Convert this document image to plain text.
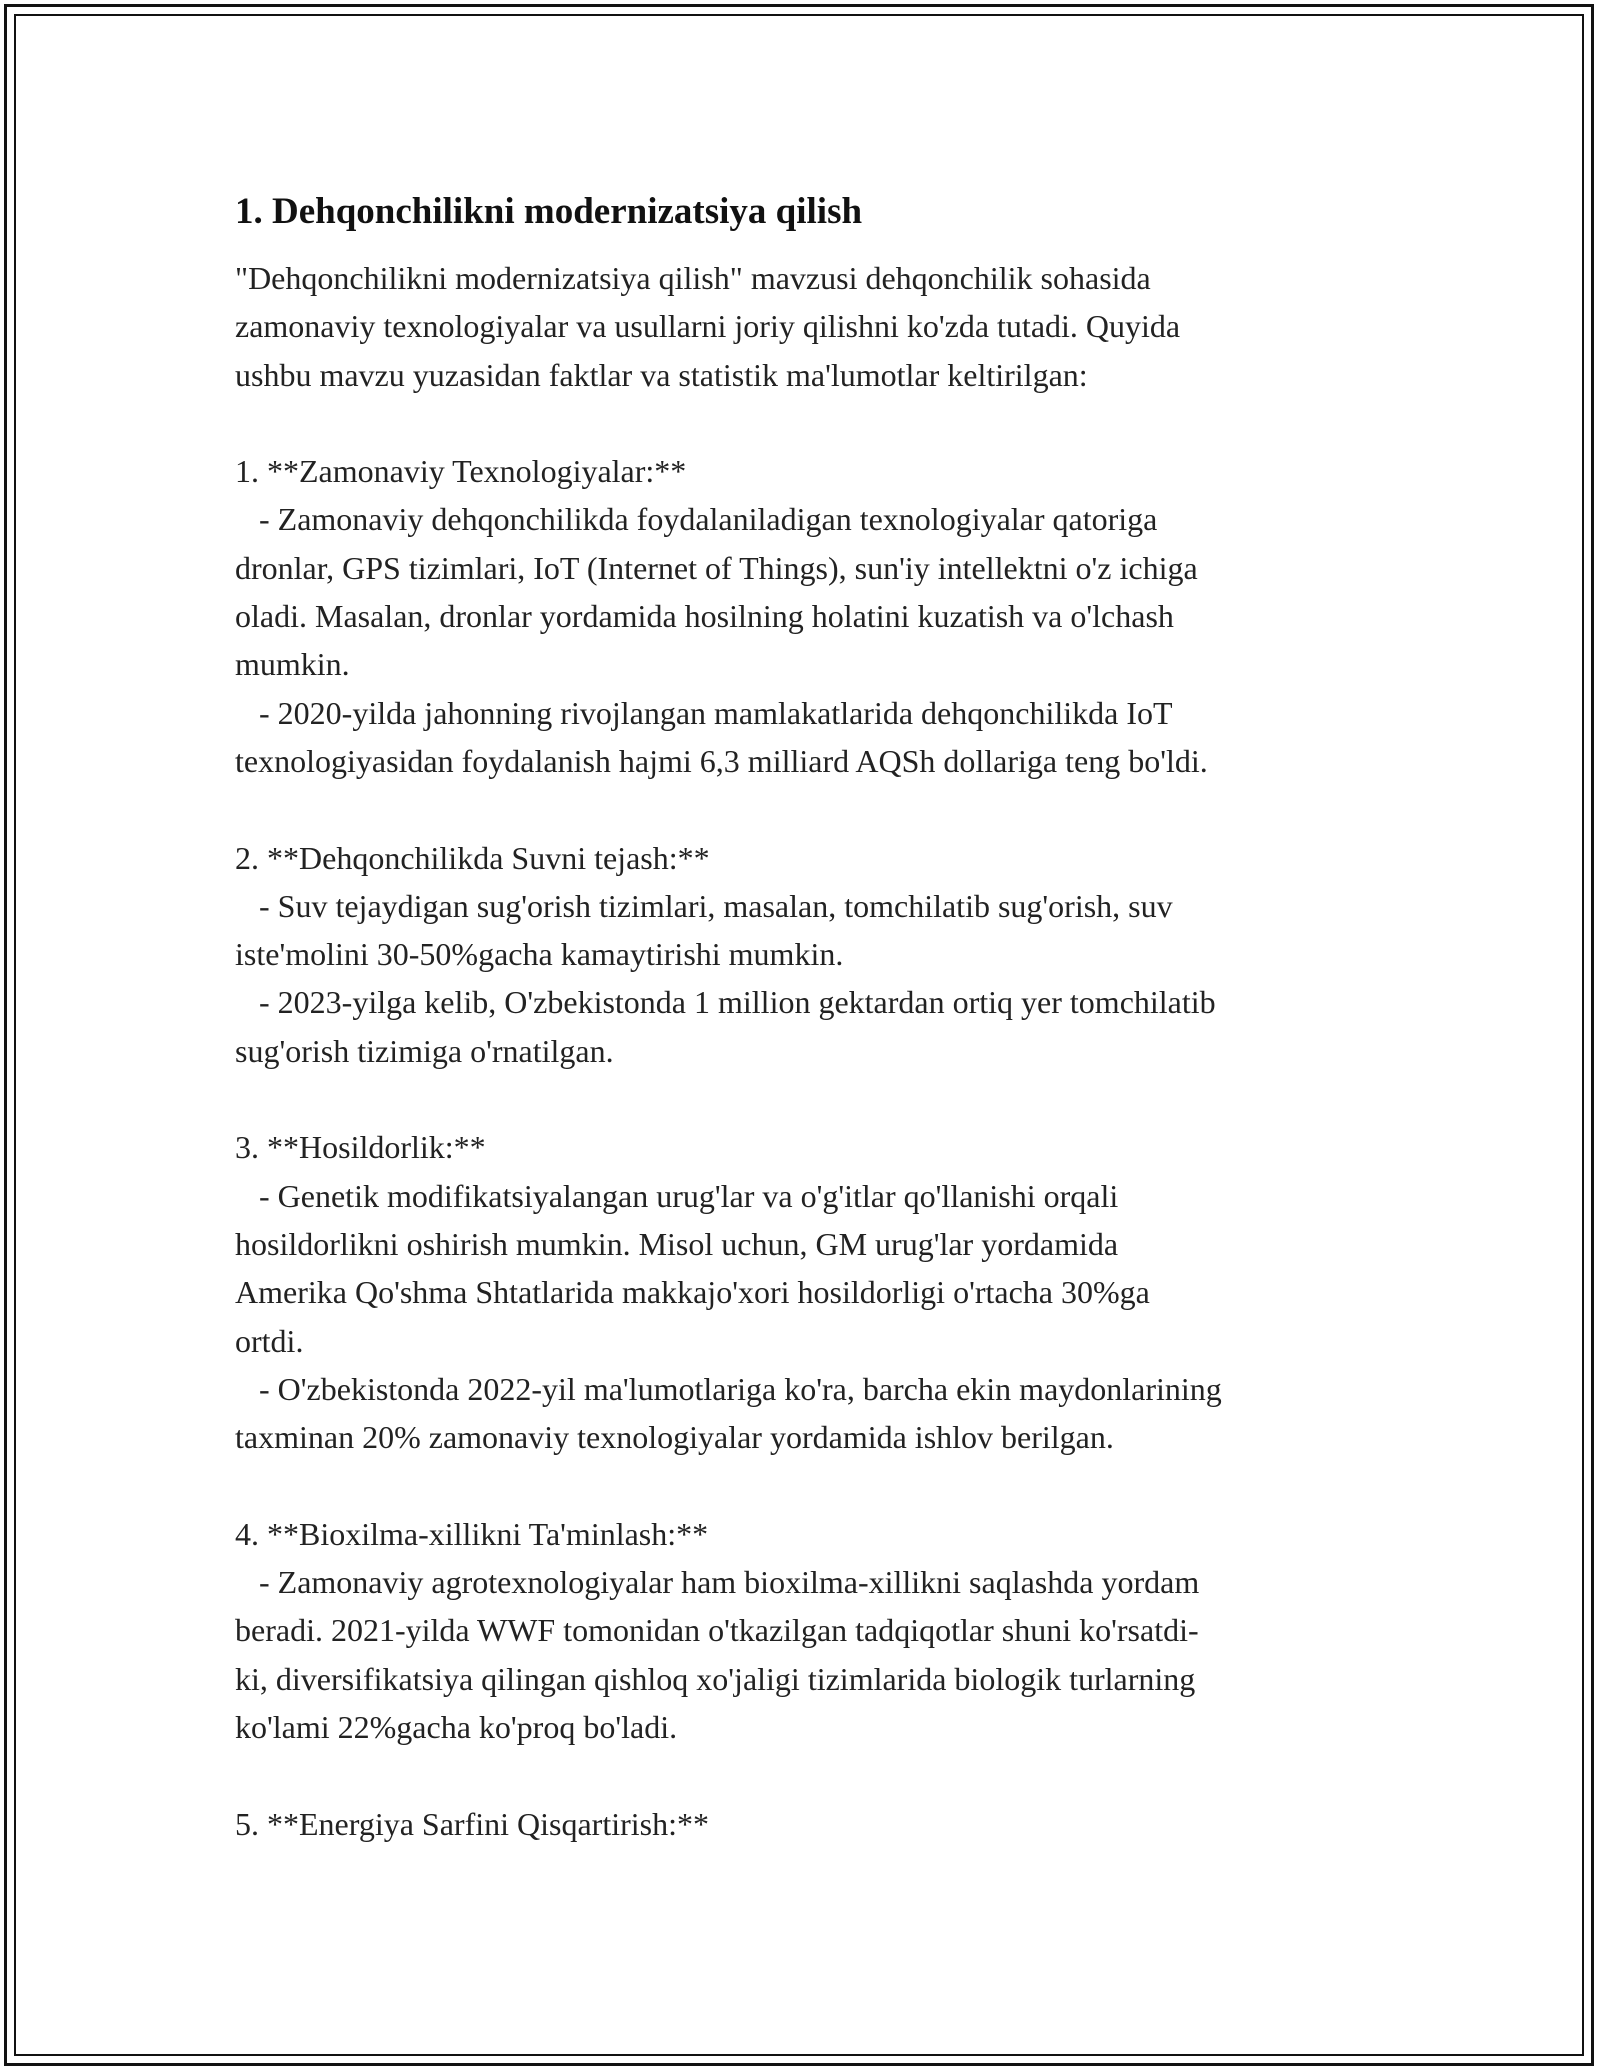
1. Dehqonchilikni modernizatsiya qilish

"Dehqonchilikni modernizatsiya qilish" mavzusi dehqonchilik sohasida
zamonaviy texnologiyalar va usullarni joriy qilishni ko'zda tutadi. Quyida
ushbu mavzu yuzasidan faktlar va statistik ma'lumotlar keltirilgan:

1. **Zamonaviy Texnologiyalar:**
- Zamonaviy dehqonchilikda foydalaniladigan texnologiyalar qatoriga
dronlar, GPS tizimlari, IoT (Internet of Things), sun'iy intellektni o'z ichiga
oladi. Masalan, dronlar yordamida hosilning holatini kuzatish va o'lchash
mumkin.
- 2020-yilda jahonning rivojlangan mamlakatlarida dehqonchilikda IoT
texnologiyasidan foydalanish hajmi 6,3 milliard AQSh dollariga teng bo'ldi.

2. **Dehqonchilikda Suvni tejash:**
- Suv tejaydigan sug'orish tizimlari, masalan, tomchilatib sug'orish, suv
iste'molini 30-50%gacha kamaytirishi mumkin.
- 2023-yilga kelib, O'zbekistonda 1 million gektardan ortiq yer tomchilatib
sug'orish tizimiga o'rnatilgan.

3. **Hosildorlik:**
- Genetik modifikatsiyalangan urug'lar va o'g'itlar qo'llanishi orqali
hosildorlikni oshirish mumkin. Misol uchun, GM urug'lar yordamida
Amerika Qo'shma Shtatlarida makkajo'xori hosildorligi o'rtacha 30%ga
ortdi.
- O'zbekistonda 2022-yil ma'lumotlariga ko'ra, barcha ekin maydonlarining
taxminan 20% zamonaviy texnologiyalar yordamida ishlov berilgan.

4. **Bioxilma-xillikni Ta'minlash:**
- Zamonaviy agrotexnologiyalar ham bioxilma-xillikni saqlashda yordam
beradi. 2021-yilda WWF tomonidan o'tkazilgan tadqiqotlar shuni ko'rsatdi-
ki, diversifikatsiya qilingan qishloq xo'jaligi tizimlarida biologik turlarning
ko'lami 22%gacha ko'proq bo'ladi.

5. **Energiya Sarfini Qisqartirish:**
